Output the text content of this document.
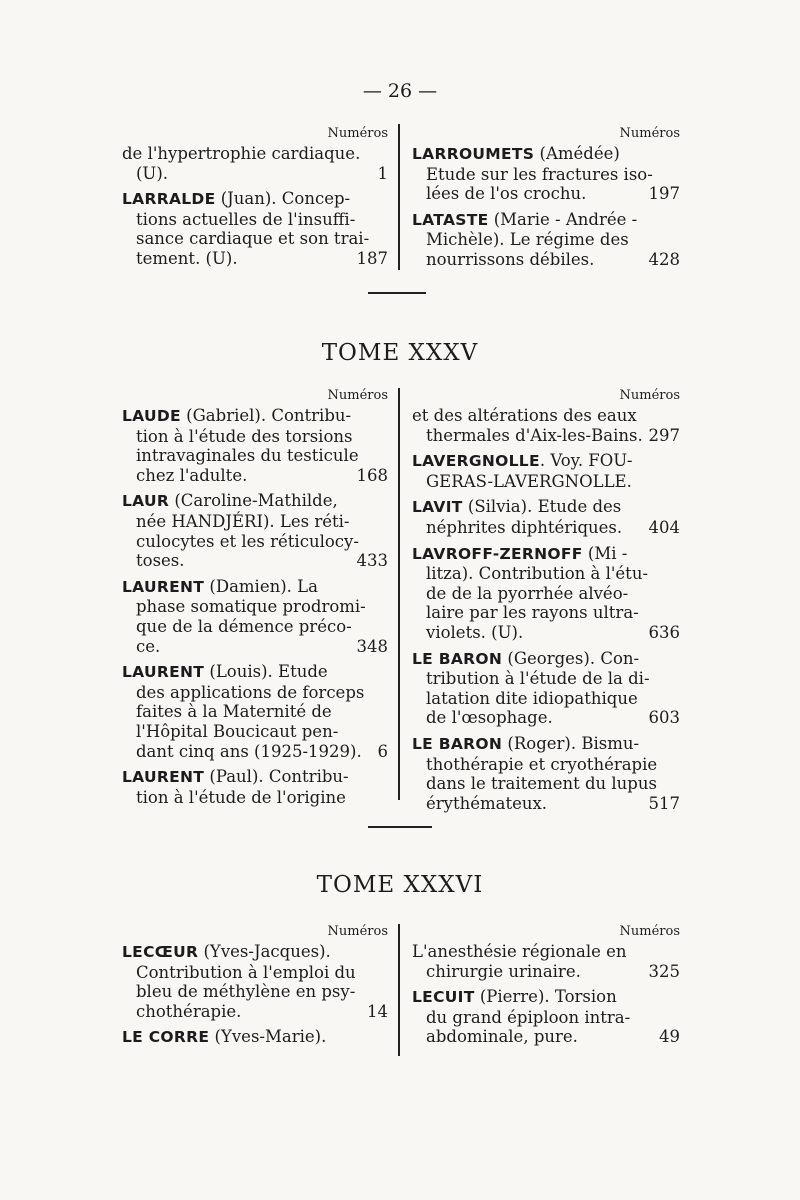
— 26 —
Numéros
de l'hypertrophie cardiaque.
(U).	1
LARRALDE (Juan). Concep-
tions actuelles de l'insuffi-
sance cardiaque et son trai-
tement. (U).	187
Numéros
LARROUMETS (Amédée)
Etude sur les fractures iso-
lées de l'os crochu.	197
LATASTE (Marie - Andrée -
Michèle). Le régime des
nourrissons débiles.	428
TOME XXXV
Numéros
LAUDE (Gabriel). Contribu-
tion à l'étude des torsions
intravaginales du testicule
chez l'adulte.	168
LAUR (Caroline-Mathilde,
née HANDJÉRI). Les réti-
culocytes et les réticulocy-
toses.	433
LAURENT (Damien). La
phase somatique prodromi-
que de la démence préco-
ce.	348
LAURENT (Louis). Etude
des applications de forceps
faites à la Maternité de
l'Hôpital Boucicaut pen-
dant cinq ans (1925-1929). 6
LAURENT (Paul). Contribu-
tion à l'étude de l'origine
Numéros
et des altérations des eaux
thermales d'Aix-les-Bains. 297
LAVERGNOLLE. Voy. FOU-
GERAS-LAVERGNOLLE.
LAVIT (Silvia). Etude des
néphrites diphtériques.	404
LAVROFF-ZERNOFF (Mi -
litza). Contribution à l'étu-
de de la pyorrhée alvéo-
laire par les rayons ultra-
violets. (U).	636
LE BARON (Georges). Con-
tribution à l'étude de la di-
latation dite idiopathique
de l'œsophage.	603
LE BARON (Roger). Bismu-
thothérapie et cryothérapie
dans le traitement du lupus
érythémateux.	517
TOME XXXVI
Numéros
LECŒUR (Yves-Jacques).
Contribution à l'emploi du
bleu de méthylène en psy-
chothérapie.	14
LE CORRE (Yves-Marie).
Numéros
L'anesthésie régionale en
chirurgie urinaire.	325
LECUIT (Pierre). Torsion
du grand épiploon intra-
abdominale, pure.	49
